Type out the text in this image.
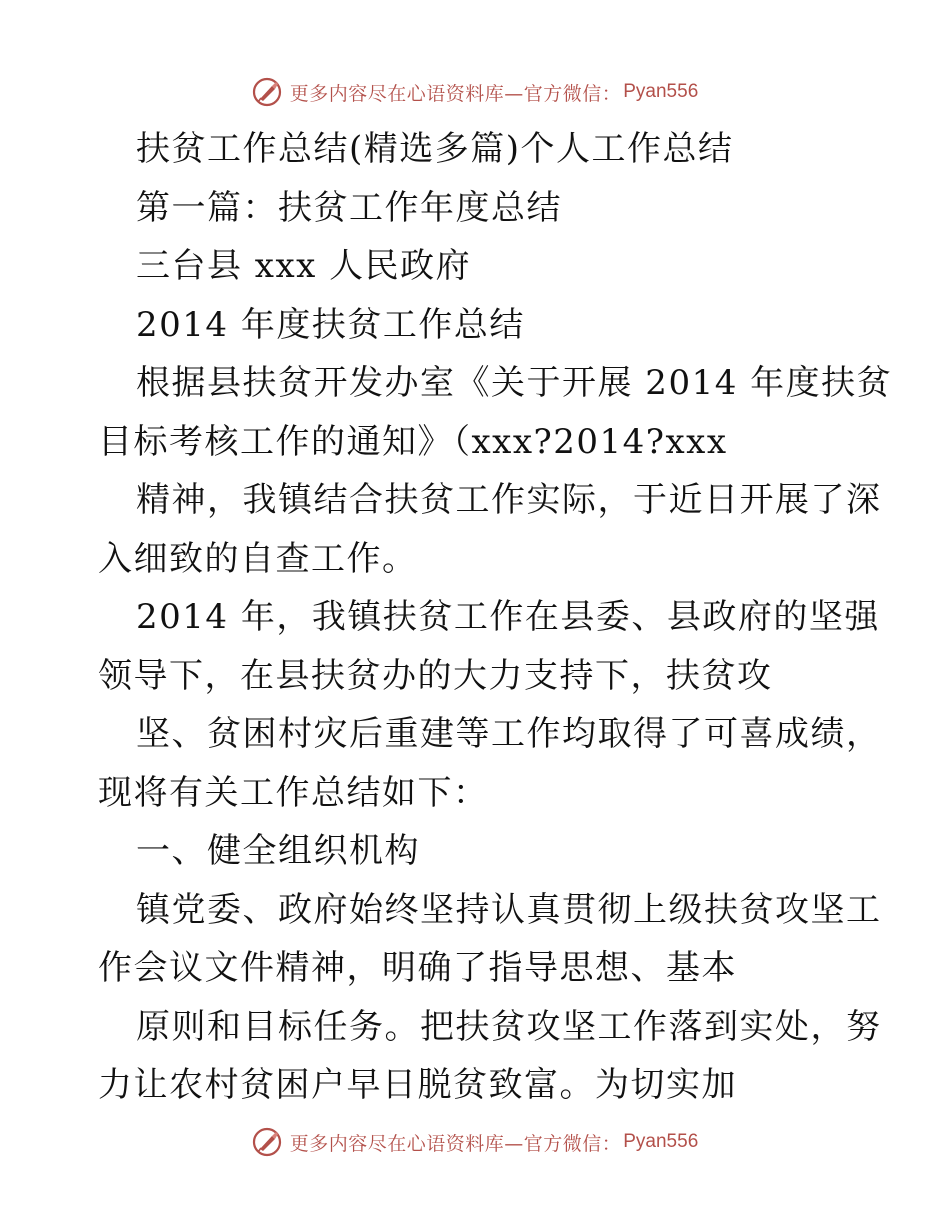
更多内容尽在心语资料库—官方微信： Pyan556
扶贫工作总结(精选多篇)个人工作总结
第一篇：扶贫工作年度总结
三台县 xxx 人民政府
2014 年度扶贫工作总结
根据县扶贫开发办室《关于开展 2014 年度扶贫
目标考核工作的通知》（xxx?2014?xxx
精神，我镇结合扶贫工作实际，于近日开展了深
入细致的自查工作。
2014 年，我镇扶贫工作在县委、县政府的坚强
领导下，在县扶贫办的大力支持下，扶贫攻
坚、贫困村灾后重建等工作均取得了可喜成绩，
现将有关工作总结如下：
一、健全组织机构
镇党委、政府始终坚持认真贯彻上级扶贫攻坚工
作会议文件精神，明确了指导思想、基本
原则和目标任务。把扶贫攻坚工作落到实处，努
力让农村贫困户早日脱贫致富。为切实加
更多内容尽在心语资料库—官方微信： Pyan556
